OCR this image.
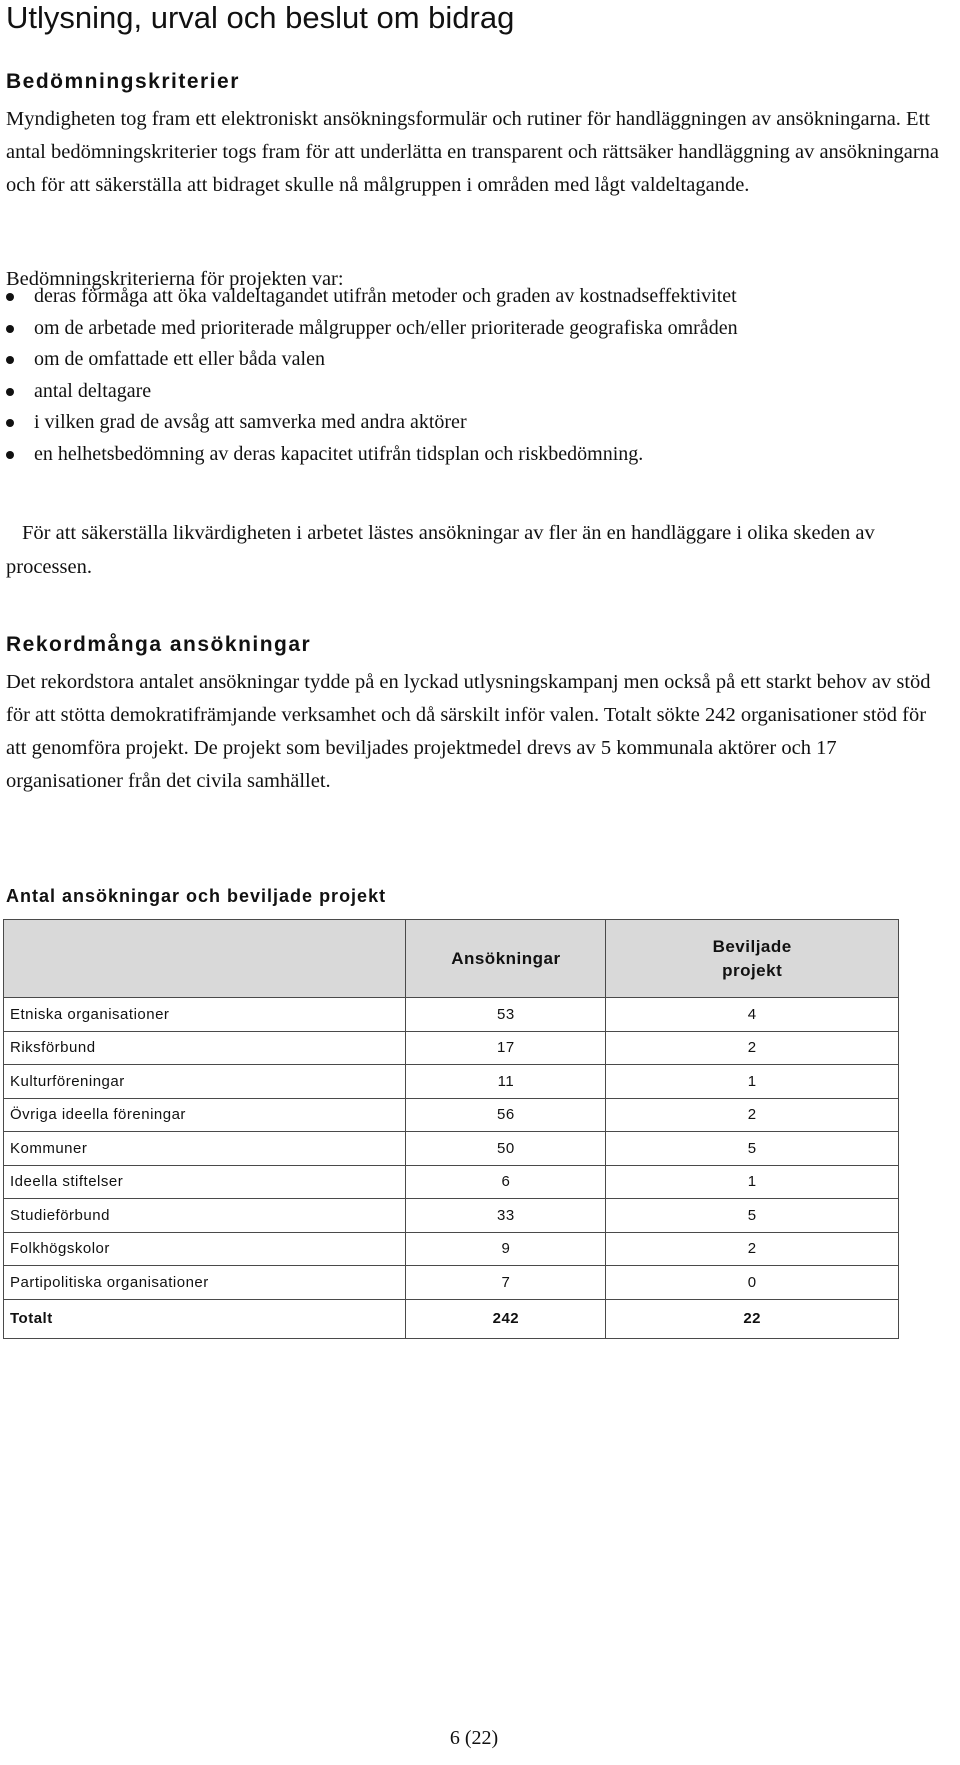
Utlysning, urval och beslut om bidrag
Bedömningskriterier

Myndigheten tog fram ett elektroniskt ansökningsformulär och rutiner för handläggningen av ansökningarna. Ett antal bedömningskriterier togs fram för att underlätta en transparent och rättsäker handläggning av ansökningarna och för att säkerställa att bidraget skulle nå målgruppen i områden med lågt valdeltagande.

Bedömningskriterierna för projekten var:

deras förmåga att öka valdeltagandet utifrån metoder och graden av kostnadseffektivitet
om de arbetade med prioriterade målgrupper och/eller prioriterade geografiska områden
om de omfattade ett eller båda valen
antal deltagare
i vilken grad de avsåg att samverka med andra aktörer
en helhetsbedömning av deras kapacitet utifrån tidsplan och riskbedömning.

För att säkerställa likvärdigheten i arbetet lästes ansökningar av fler än en handläggare i olika skeden av processen.

Rekordmånga ansökningar

Det rekordstora antalet ansökningar tydde på en lyckad utlysningskampanj men också på ett starkt behov av stöd för att stötta demokratifrämjande verksamhet och då särskilt inför valen. Totalt sökte 242 organisationer stöd för att genomföra projekt. De projekt som beviljades projektmedel drevs av 5 kommunala aktörer och 17 organisationer från det civila samhället.

Antal ansökningar och beviljade projekt
	Ansökningar	Beviljade projekt

Etniska organisationer	53	4
Riksförbund	17	2
Kulturföreningar	11	1
Övriga ideella föreningar	56	2
Kommuner	50	5
Ideella stiftelser	6	1
Studieförbund	33	5
Folkhögskolor	9	2
Partipolitiska organisationer	7	0
Totalt	242	22
6 (22)
